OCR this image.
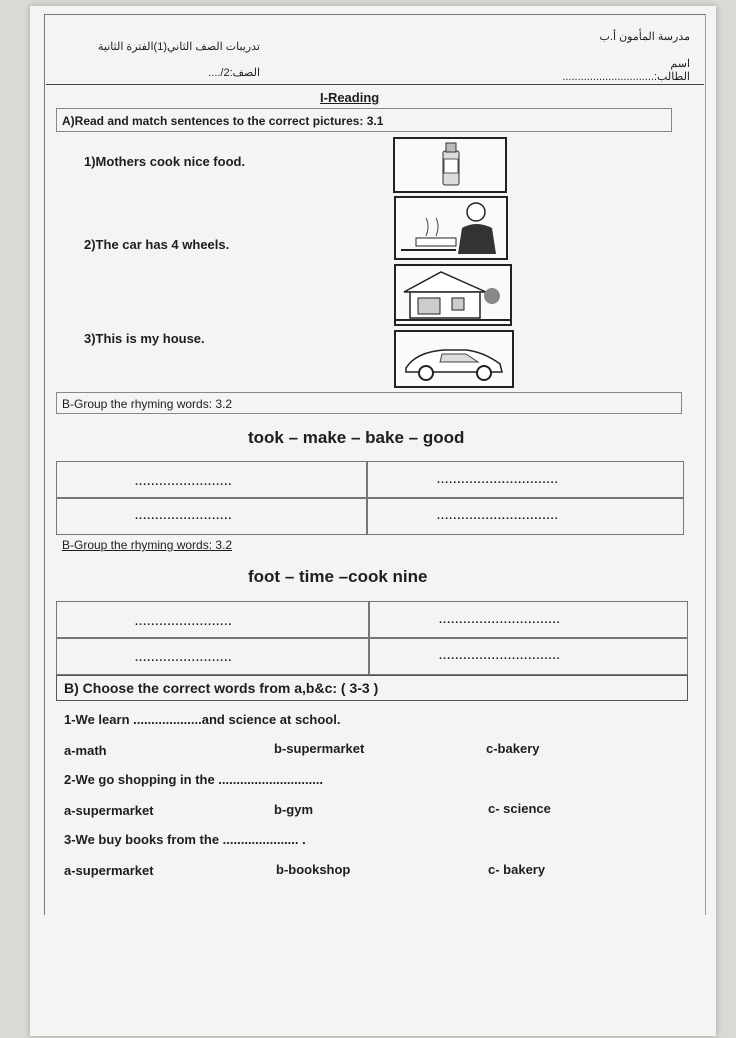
مدرسة المأمون أ.ب
اسم الطالب:..............................
تدريبات الصف الثاني(1)الفترة الثانية
الصف:2/....
I-Reading
A)Read and match sentences to the correct pictures: 3.1
1)Mothers cook nice food.
2)The car has 4 wheels.
3)This is my house.
B-Group the rhyming words: 3.2
took – make – bake – good
........................	..............................
........................	..............................
B-Group the rhyming words: 3.2
foot – time –cook nine
........................	..............................
........................	..............................
B) Choose the correct words from a,b&c: ( 3-3 )
1-We learn ...................and science at school.
a-math	b-supermarket	c-bakery
2-We go shopping in the .............................
a-supermarket	b-gym	c- science
3-We buy books from the ..................... .
a-supermarket	b-bookshop	c- bakery
